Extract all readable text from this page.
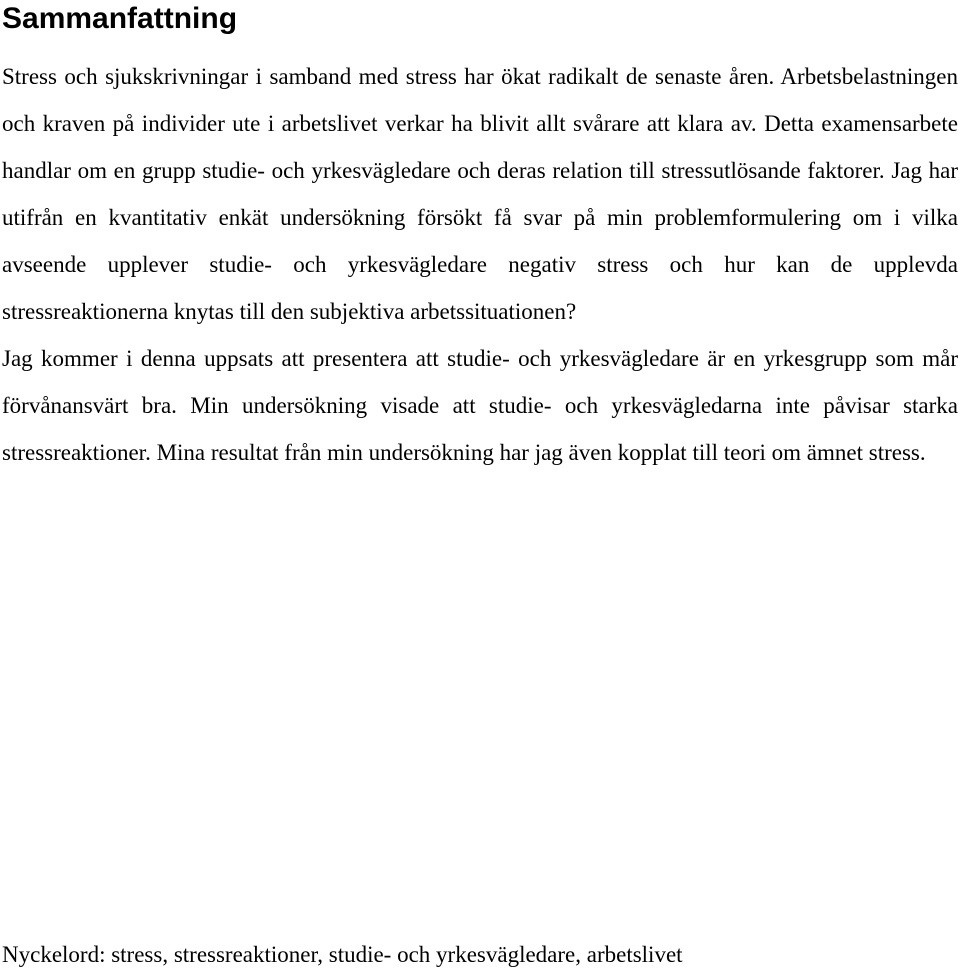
Sammanfattning

Stress och sjukskrivningar i samband med stress har ökat radikalt de senaste åren. Arbetsbelastningen och kraven på individer ute i arbetslivet verkar ha blivit allt svårare att klara av. Detta examensarbete handlar om en grupp studie- och yrkesvägledare och deras relation till stressutlösande faktorer. Jag har utifrån en kvantitativ enkät undersökning försökt få svar på min problemformulering om i vilka avseende upplever studie- och yrkesvägledare negativ stress och hur kan de upplevda stressreaktionerna knytas till den subjektiva arbetssituationen?

Jag kommer i denna uppsats att presentera att studie- och yrkesvägledare är en yrkesgrupp som mår förvånansvärt bra. Min undersökning visade att studie- och yrkesvägledarna inte påvisar starka stressreaktioner. Mina resultat från min undersökning har jag även kopplat till teori om ämnet stress.

Nyckelord: stress, stressreaktioner, studie- och yrkesvägledare, arbetslivet
